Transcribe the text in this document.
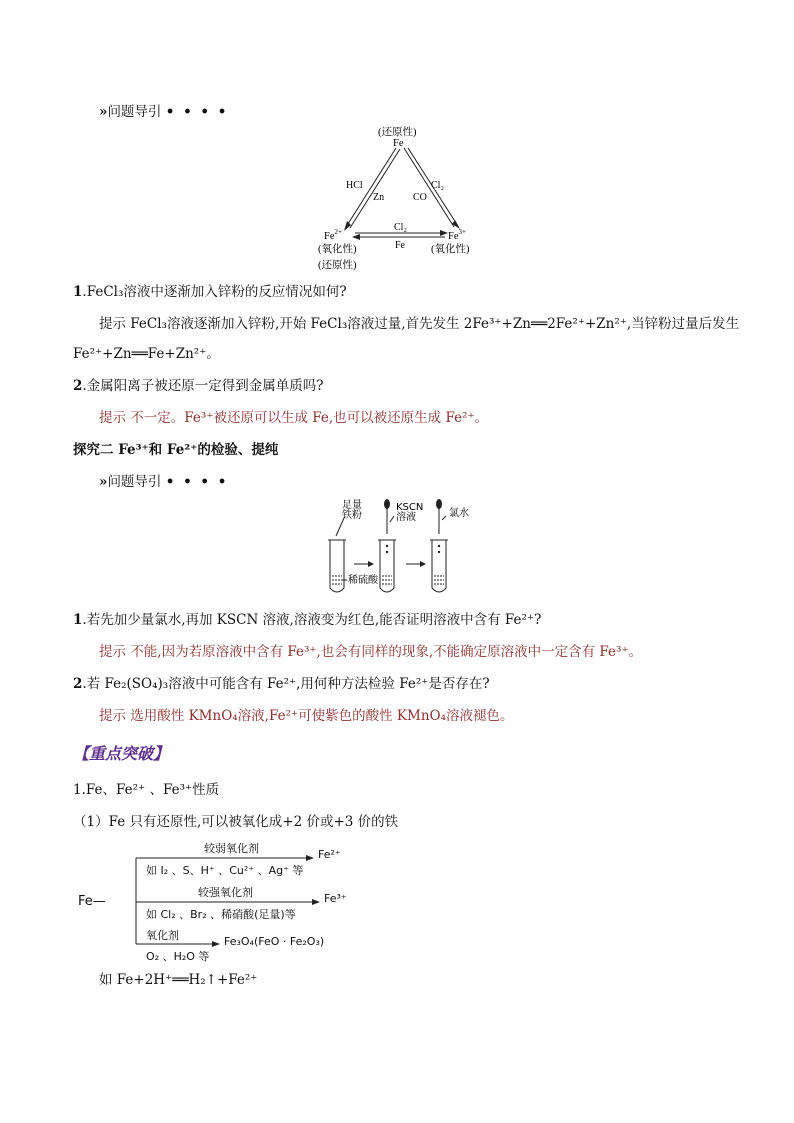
»问题导引 • • • •
(还原性)
Fe
HCl
Zn	CO
Cl₂
Cl₂
Fe
$Fe^{2+}$	$Fe^{3+}$
(氧化性)
(还原性)
(氧化性)
1.FeCl₃溶液中逐渐加入锌粉的反应情况如何?
提示 FeCl₃溶液逐渐加入锌粉,开始 FeCl₃溶液过量,首先发生 2Fe³⁺+Zn══2Fe²⁺+Zn²⁺,当锌粉过量后发生
Fe²⁺+Zn══Fe+Zn²⁺。
2.金属阳离子被还原一定得到金属单质吗?
提示 不一定。Fe³⁺被还原可以生成 Fe,也可以被还原生成 Fe²⁺。
探究二 Fe³⁺和 Fe²⁺的检验、提纯
»问题导引 • • • •
足量
铁粉
KSCN
溶液	氯水
稀硫酸
1.若先加少量氯水,再加 KSCN 溶液,溶液变为红色,能否证明溶液中含有 Fe²⁺?
提示 不能,因为若原溶液中含有 Fe³⁺,也会有同样的现象,不能确定原溶液中一定含有 Fe³⁺。
2.若 Fe₂(SO₄)₃溶液中可能含有 Fe²⁺,用何种方法检验 Fe²⁺是否存在?
提示 选用酸性 KMnO₄溶液,Fe²⁺可使紫色的酸性 KMnO₄溶液褪色。
【重点突破】
1.Fe、Fe²⁺ 、Fe³⁺性质
（1）Fe 只有还原性,可以被氧化成+2 价或+3 价的铁
Fe—
较弱氧化剂
如 I₂ 、S、H⁺ 、Cu²⁺ 、Ag⁺ 等
Fe²⁺
较强氧化剂
如 Cl₂ 、Br₂ 、稀硝酸(足量)等
Fe³⁺
氧化剂
O₂ 、H₂O 等
Fe₃O₄(FeO · Fe₂O₃)
如 Fe+2H⁺══H₂↑+Fe²⁺
